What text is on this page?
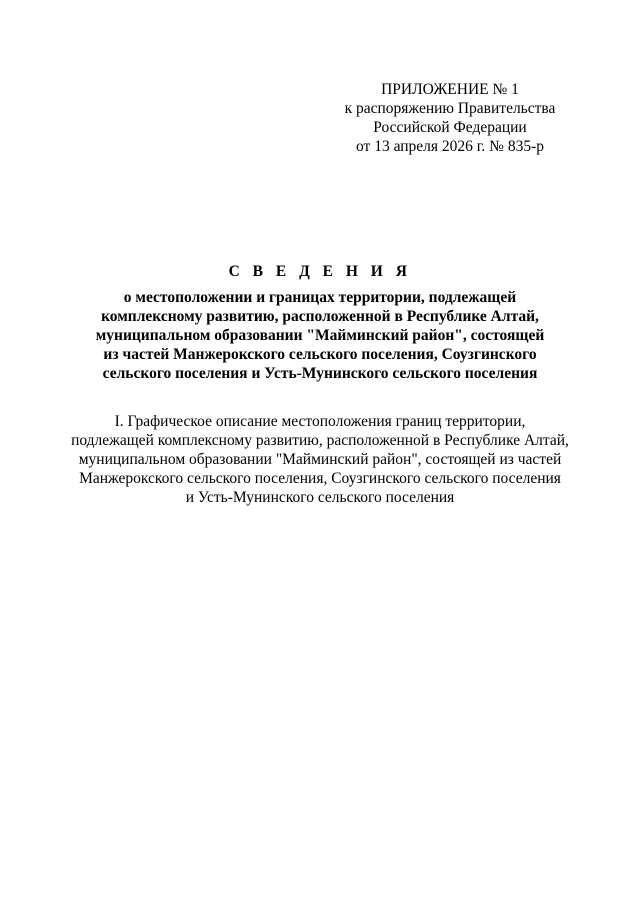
ПРИЛОЖЕНИЕ № 1
к распоряжению Правительства
Российской Федерации
от 13 апреля 2026 г. № 835-р
С В Е Д Е Н И Я
о местоположении и границах территории, подлежащей
комплексному развитию, расположенной в Республике Алтай,
муниципальном образовании "Майминский район", состоящей
из частей Манжерокского сельского поселения, Соузгинского
сельского поселения и Усть-Мунинского сельского поселения
I. Графическое описание местоположения границ территории,
подлежащей комплексному развитию, расположенной в Республике Алтай,
муниципальном образовании "Майминский район", состоящей из частей
Манжерокского сельского поселения, Соузгинского сельского поселения
и Усть-Мунинского сельского поселения
